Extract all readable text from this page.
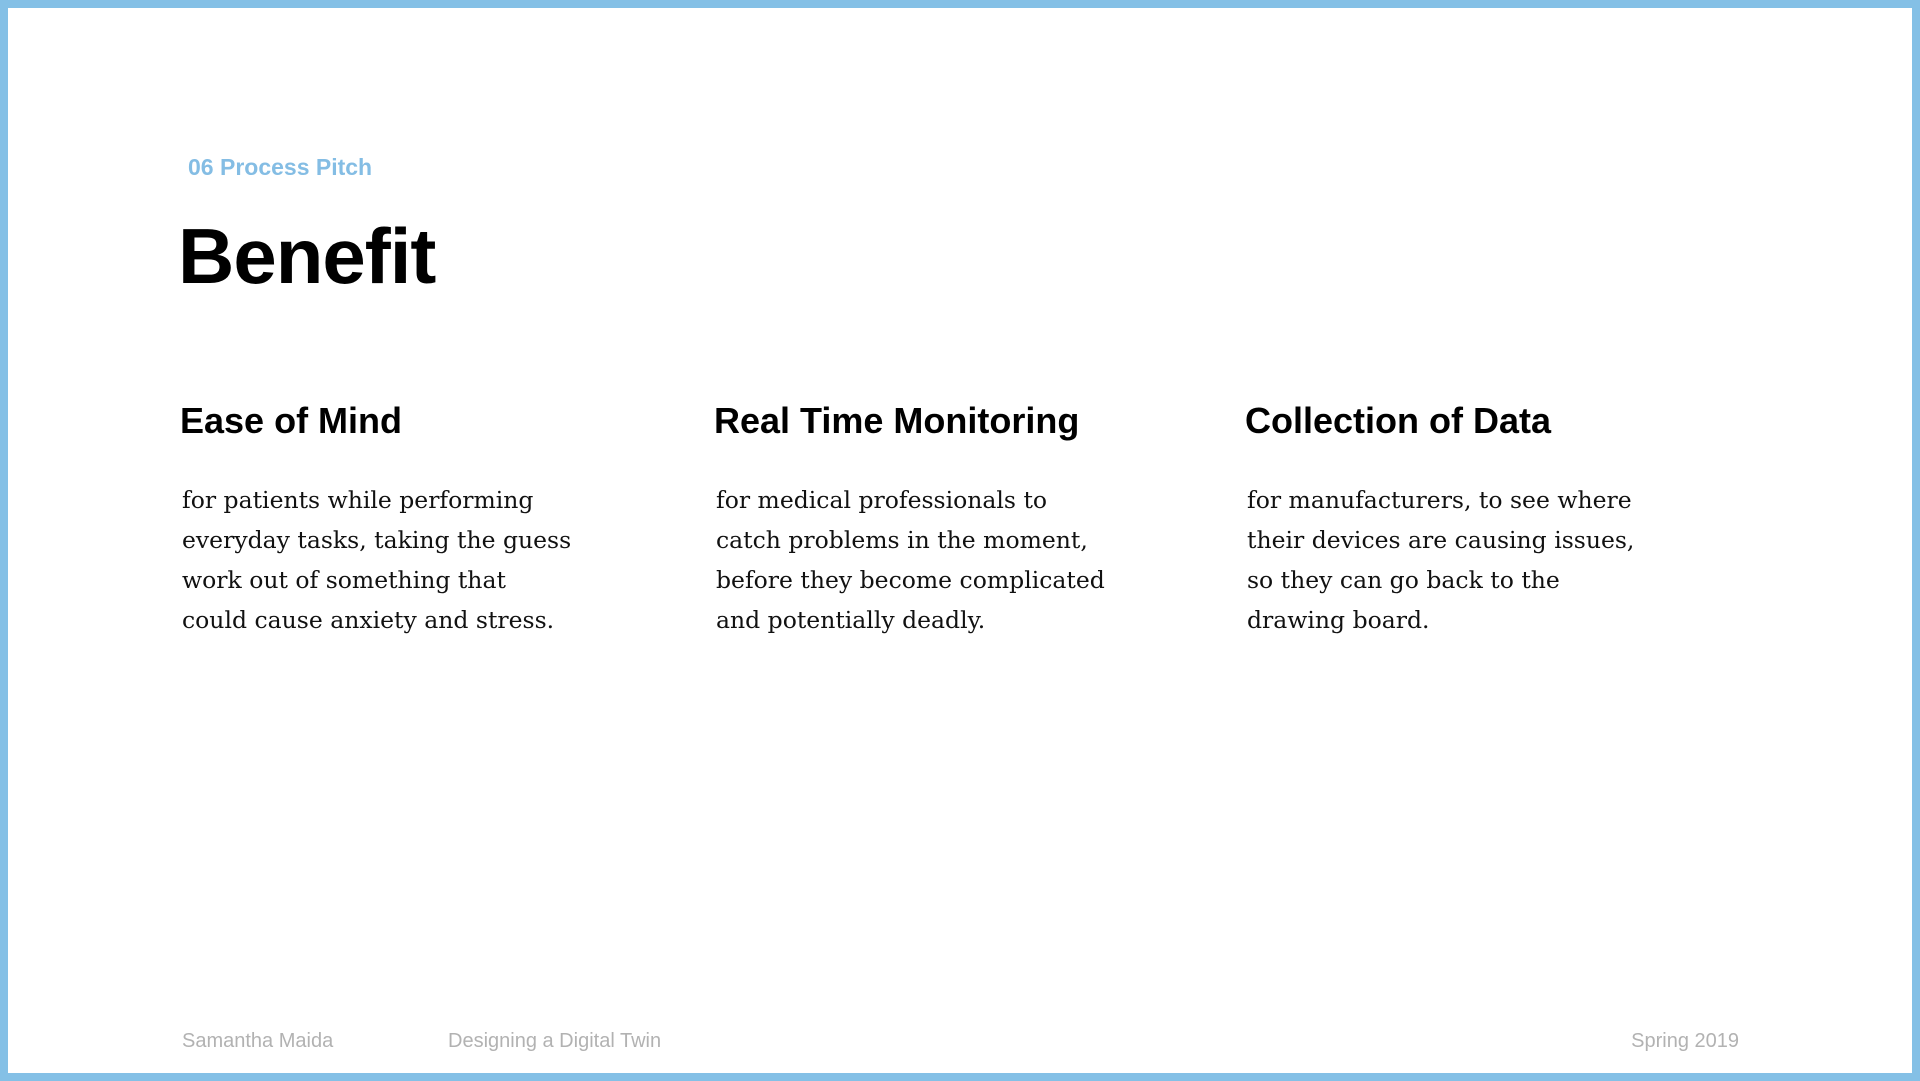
06 Process Pitch
Benefit
Ease of Mind

for patients while performing
everyday tasks, taking the guess
work out of something that
could cause anxiety and stress.

Real Time Monitoring

for medical professionals to
catch problems in the moment,
before they become complicated
and potentially deadly.

Collection of Data

for manufacturers, to see where
their devices are causing issues,
so they can go back to the
drawing board.

Samantha Maida	Designing a Digital Twin	Spring 2019
